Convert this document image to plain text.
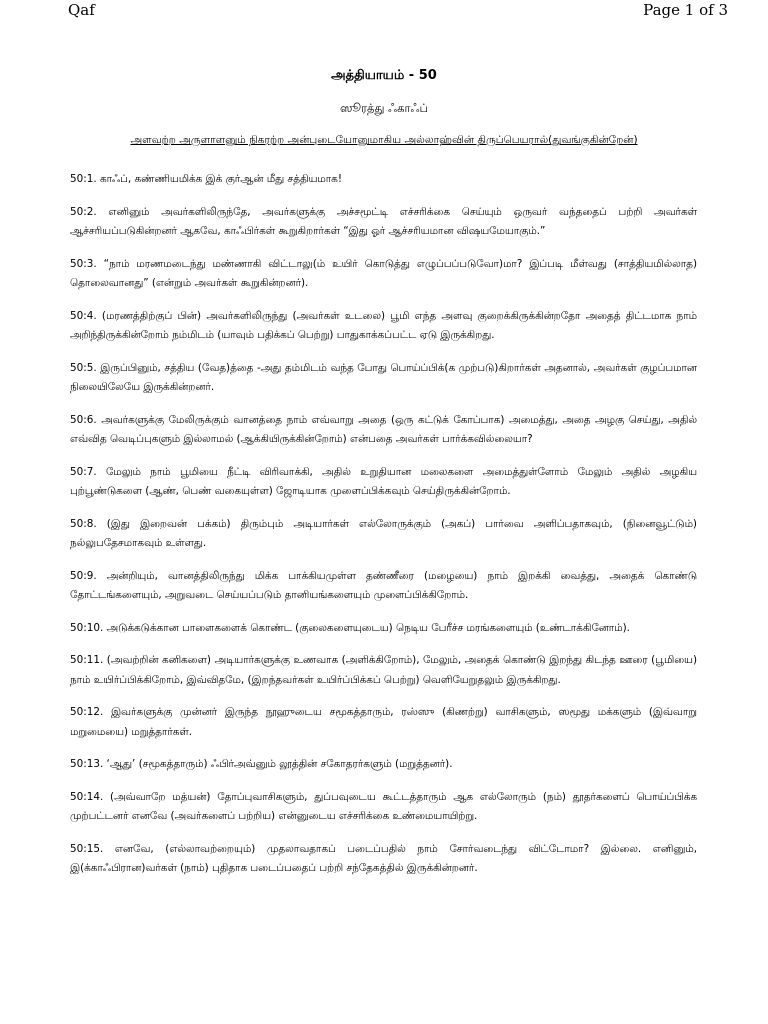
Qaf	Page 1 of 3
அத்தியாயம் - 50
ஸூரத்து ஃகாஃப்
அளவற்ற அருளாளனும் நிகரற்ற அன்புடையோனுமாகிய அல்லாஹ்வின் திருப்பெயரால்(துவங்குகின்றேன்)

50:1. காஃப், கண்ணியமிக்க இக் குர்ஆன் மீது சத்தியமாக!

50:2. எனினும் அவர்களிலிருந்தே, அவர்களுக்கு அச்சமூட்டி எச்சரிக்கை செய்யும் ஒருவர் வந்ததைப் பற்றி அவர்கள் ஆச்சரியப்படுகின்றனர் ஆகவே, காஃபிர்கள் கூறுகிறார்கள் “இது ஓர் ஆச்சரியமான விஷயமேயாகும்.”

50:3. “நாம் மரணமடைந்து மண்ணாகி விட்டாலு(ம் உயிர் கொடுத்து எழுப்பப்படுவோ)மா? இப்படி மீள்வது (சாத்தியமில்லாத) தொலைவானது” (என்றும் அவர்கள் கூறுகின்றனர்).

50:4. (மரணத்திற்குப் பின்) அவர்களிலிருந்து (அவர்கள் உடலை) பூமி எந்த அளவு குறைக்கிருக்கின்றதோ அதைத் திட்டமாக நாம் அறிந்திருக்கின்றோம் நம்மிடம் (யாவும் பதிக்கப் பெற்று) பாதுகாக்கப்பட்ட ஏடு இருக்கிறது.

50:5. இருப்பினும், சத்திய (வேத)த்தை -அது தம்மிடம் வந்த போது பொய்ப்பிக்(க முற்படு)கிறார்கள் அதனால், அவர்கள் குழப்பமான நிலையிலேயே இருக்கின்றனர்.

50:6. அவர்களுக்கு மேலிருக்கும் வானத்தை நாம் எவ்வாறு அதை (ஒரு கட்டுக் கோப்பாக) அமைத்து, அதை அழகு செய்து, அதில் எவ்வித வெடிப்புகளும் இல்லாமல் (ஆக்கியிருக்கின்றோம்) என்பதை அவர்கள் பார்க்கவில்லையா?

50:7. மேலும் நாம் பூமியை நீட்டி விரிவாக்கி, அதில் உறுதியான மலைகளை அமைத்துள்ளோம் மேலும் அதில் அழகிய புற்பூண்டுகளை (ஆண், பெண் வகையுள்ள) ஜோடியாக முளைப்பிக்கவும் செய்திருக்கின்றோம்.

50:8. (இது இறைவன் பக்கம்) திரும்பும் அடியார்கள் எல்லோருக்கும் (அகப்) பார்வை அளிப்பதாகவும், (நினைவூட்டும்) நல்லுபதேசமாகவும் உள்ளது.

50:9. அன்றியும், வானத்திலிருந்து மிக்க பாக்கியமுள்ள தண்ணீரை (மழையை) நாம் இறக்கி வைத்து, அதைக் கொண்டு தோட்டங்களையும், அறுவடை செய்யப்படும் தானியங்களையும் முளைப்பிக்கிறோம்.

50:10. அடுக்கடுக்கான பாளைகளைக் கொண்ட (குலைகளையுடைய) நெடிய பேரீச்ச மரங்களையும் (உண்டாக்கினோம்).

50:11. (அவற்றின் கனிகளை) அடியார்களுக்கு உணவாக (அளிக்கிறோம்), மேலும், அதைக் கொண்டு இறந்து கிடந்த ஊரை (பூமியை) நாம் உயிர்ப்பிக்கிறோம், இவ்விதமே, (இறந்தவர்கள் உயிர்ப்பிக்கப் பெற்று) வெளியேறுதலும் இருக்கிறது.

50:12. இவர்களுக்கு முன்னர் இருந்த நூஹுடைய சமூகத்தாரும், ரஸ்ஸு (கிணற்று) வாசிகளும், ஸமூது மக்களும் (இவ்வாறு மறுமையை) மறுத்தார்கள்.

50:13. ‘ஆது’ (சமூகத்தாரும்) ஃபிர்அவ்னும் லூத்தின் சகோதரர்களும் (மறுத்தனர்).

50:14. (அவ்வாறே மத்யன்) தோப்புவாசிகளும், துப்பவுடைய கூட்டத்தாரும் ஆக எல்லோரும் (நம்) தூதர்களைப் பொய்ப்பிக்க முற்பட்டனர் எனவே (அவர்களைப் பற்றிய) என்னுடைய எச்சரிக்கை உண்மையாயிற்று.

50:15. எனவே, (எல்லாவற்றையும்) முதலாவதாகப் படைப்பதில் நாம் சோர்வடைந்து விட்டோமா? இல்லை. எனினும், இ(க்காஃபிரான)வர்கள் (நாம்) புதிதாக படைப்பதைப் பற்றி சந்தேகத்தில் இருக்கின்றனர்.
